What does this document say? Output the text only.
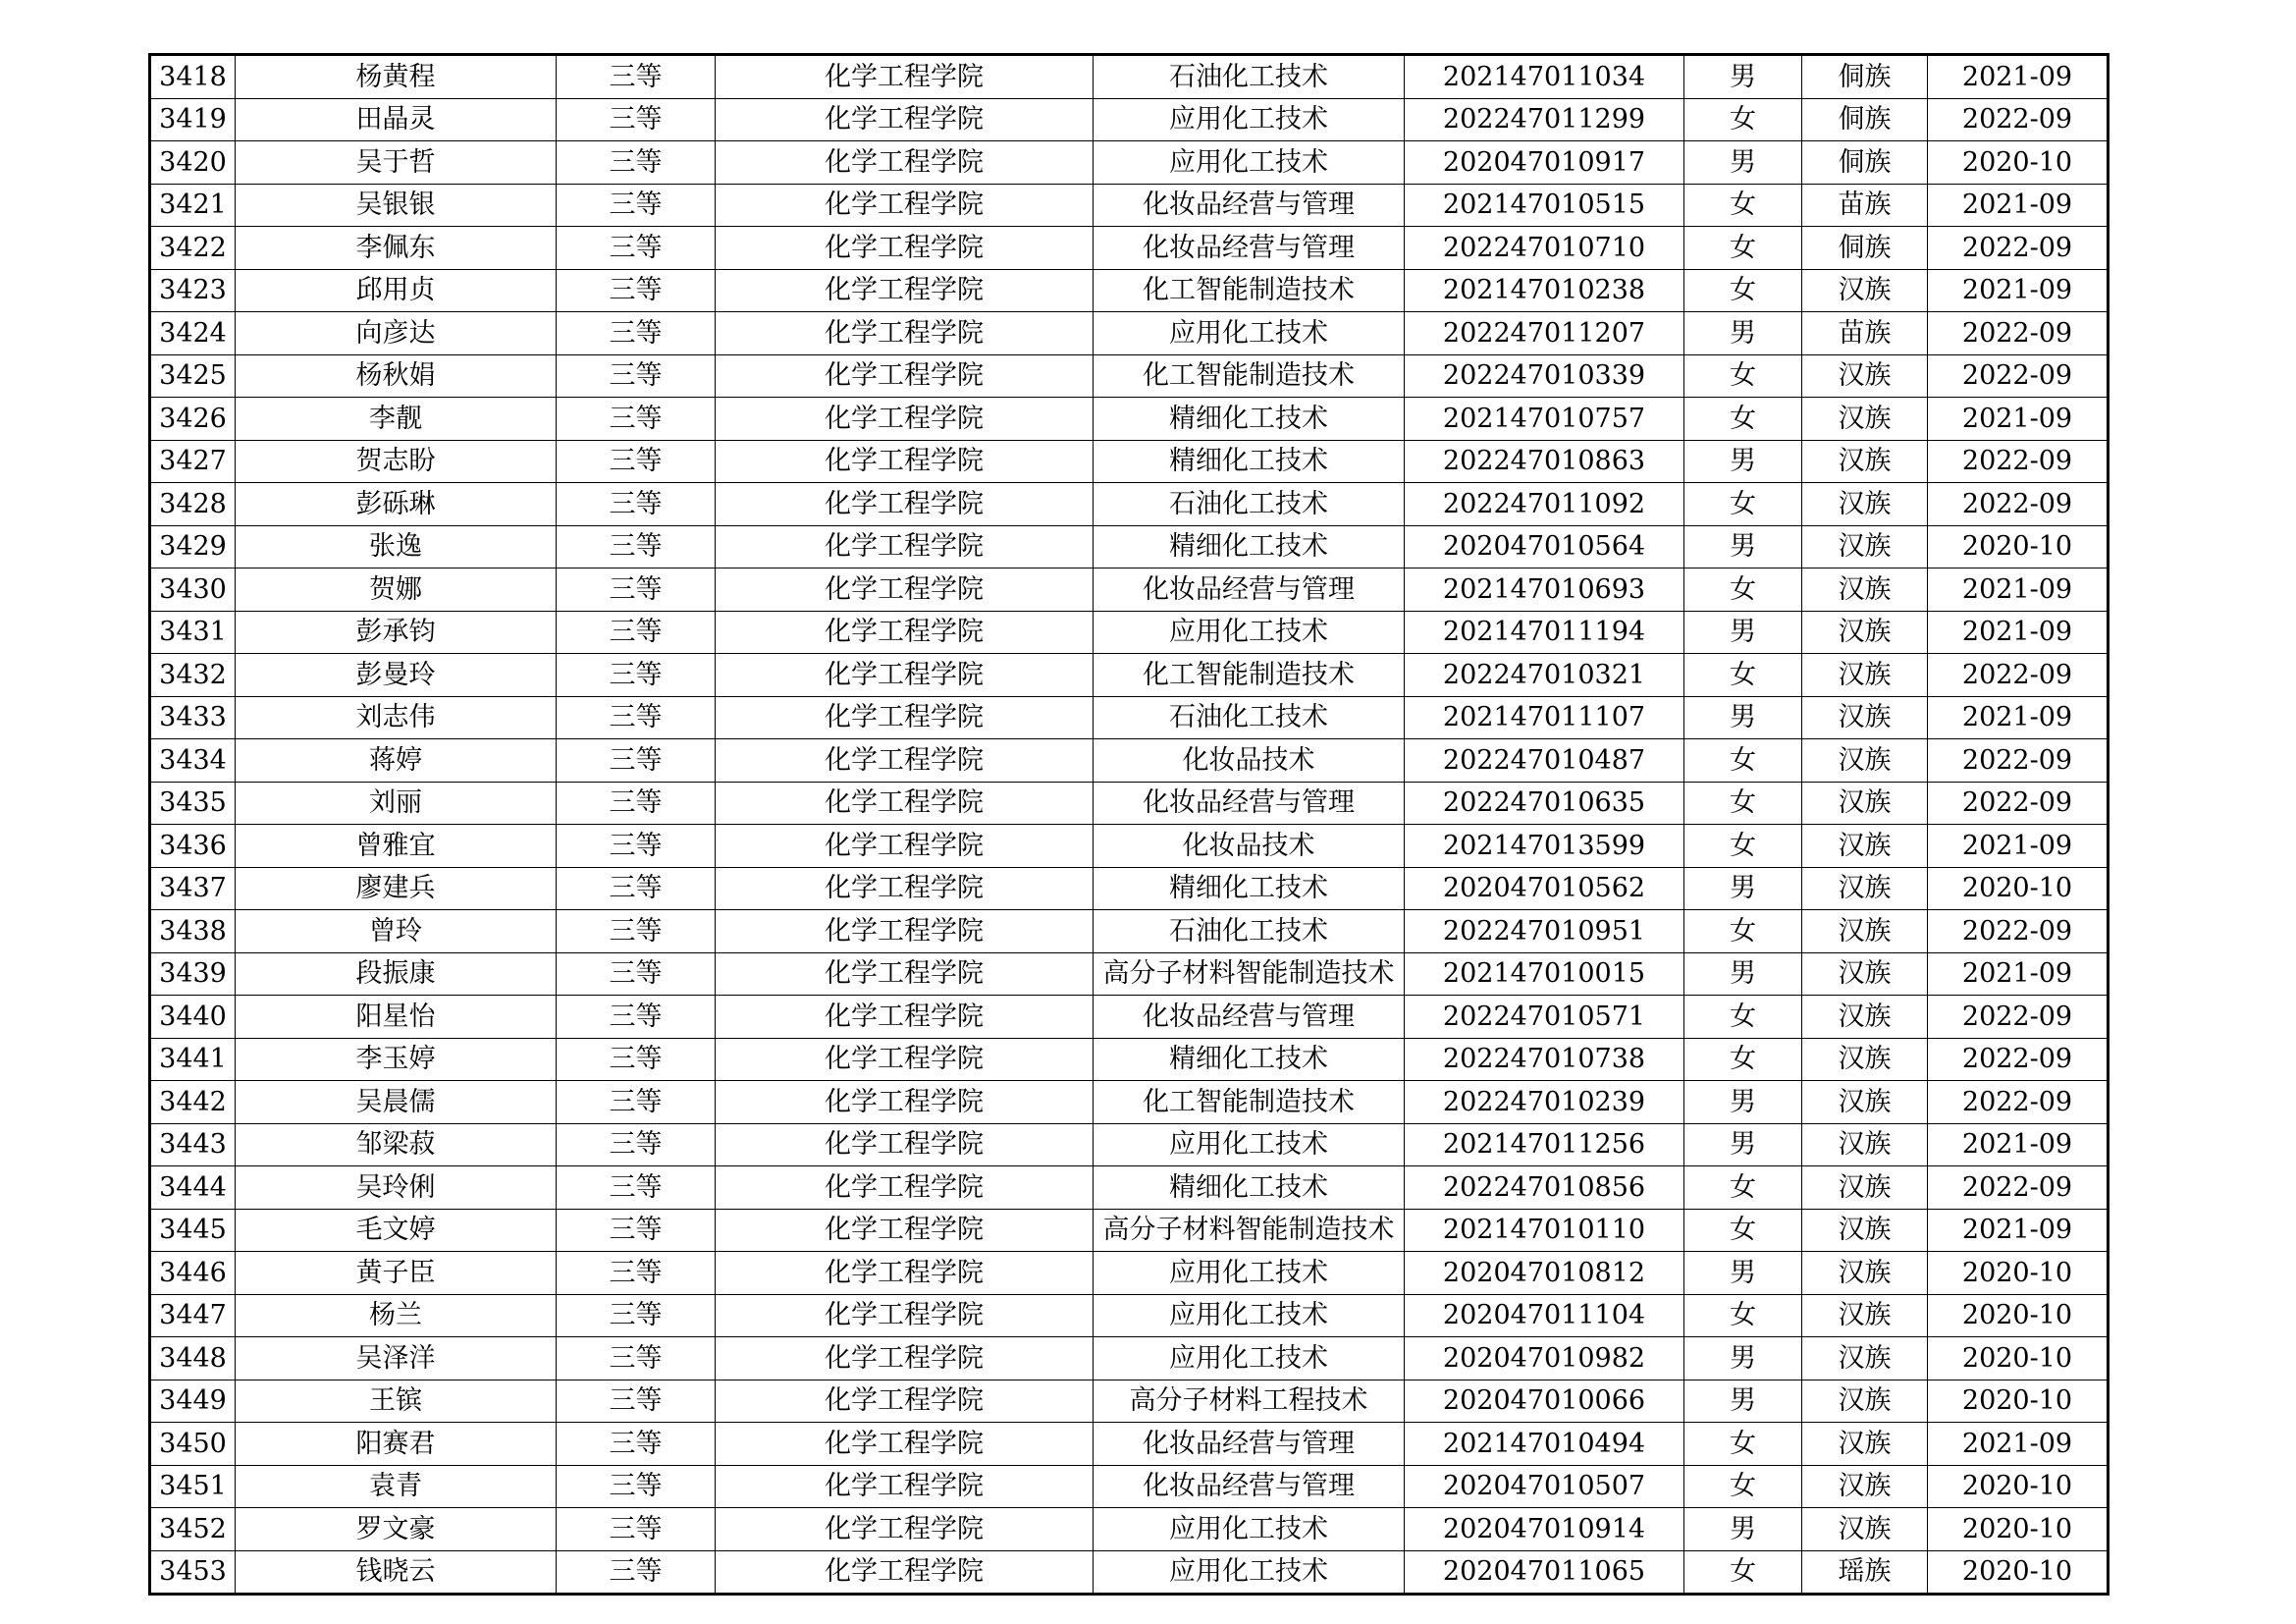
3418	杨黄程	三等	化学工程学院	石油化工技术	202147011034	男	侗族	2021-09
3419	田晶灵	三等	化学工程学院	应用化工技术	202247011299	女	侗族	2022-09
3420	吴于哲	三等	化学工程学院	应用化工技术	202047010917	男	侗族	2020-10
3421	吴银银	三等	化学工程学院	化妆品经营与管理	202147010515	女	苗族	2021-09
3422	李佩东	三等	化学工程学院	化妆品经营与管理	202247010710	女	侗族	2022-09
3423	邱用贞	三等	化学工程学院	化工智能制造技术	202147010238	女	汉族	2021-09
3424	向彦达	三等	化学工程学院	应用化工技术	202247011207	男	苗族	2022-09
3425	杨秋娟	三等	化学工程学院	化工智能制造技术	202247010339	女	汉族	2022-09
3426	李靓	三等	化学工程学院	精细化工技术	202147010757	女	汉族	2021-09
3427	贺志盼	三等	化学工程学院	精细化工技术	202247010863	男	汉族	2022-09
3428	彭砾琳	三等	化学工程学院	石油化工技术	202247011092	女	汉族	2022-09
3429	张逸	三等	化学工程学院	精细化工技术	202047010564	男	汉族	2020-10
3430	贺娜	三等	化学工程学院	化妆品经营与管理	202147010693	女	汉族	2021-09
3431	彭承钧	三等	化学工程学院	应用化工技术	202147011194	男	汉族	2021-09
3432	彭曼玲	三等	化学工程学院	化工智能制造技术	202247010321	女	汉族	2022-09
3433	刘志伟	三等	化学工程学院	石油化工技术	202147011107	男	汉族	2021-09
3434	蒋婷	三等	化学工程学院	化妆品技术	202247010487	女	汉族	2022-09
3435	刘丽	三等	化学工程学院	化妆品经营与管理	202247010635	女	汉族	2022-09
3436	曾雅宜	三等	化学工程学院	化妆品技术	202147013599	女	汉族	2021-09
3437	廖建兵	三等	化学工程学院	精细化工技术	202047010562	男	汉族	2020-10
3438	曾玲	三等	化学工程学院	石油化工技术	202247010951	女	汉族	2022-09
3439	段振康	三等	化学工程学院	高分子材料智能制造技术	202147010015	男	汉族	2021-09
3440	阳星怡	三等	化学工程学院	化妆品经营与管理	202247010571	女	汉族	2022-09
3441	李玉婷	三等	化学工程学院	精细化工技术	202247010738	女	汉族	2022-09
3442	吴晨儒	三等	化学工程学院	化工智能制造技术	202247010239	男	汉族	2022-09
3443	邹梁菽	三等	化学工程学院	应用化工技术	202147011256	男	汉族	2021-09
3444	吴玲俐	三等	化学工程学院	精细化工技术	202247010856	女	汉族	2022-09
3445	毛文婷	三等	化学工程学院	高分子材料智能制造技术	202147010110	女	汉族	2021-09
3446	黄子臣	三等	化学工程学院	应用化工技术	202047010812	男	汉族	2020-10
3447	杨兰	三等	化学工程学院	应用化工技术	202047011104	女	汉族	2020-10
3448	吴泽洋	三等	化学工程学院	应用化工技术	202047010982	男	汉族	2020-10
3449	王镔	三等	化学工程学院	高分子材料工程技术	202047010066	男	汉族	2020-10
3450	阳赛君	三等	化学工程学院	化妆品经营与管理	202147010494	女	汉族	2021-09
3451	袁青	三等	化学工程学院	化妆品经营与管理	202047010507	女	汉族	2020-10
3452	罗文豪	三等	化学工程学院	应用化工技术	202047010914	男	汉族	2020-10
3453	钱晓云	三等	化学工程学院	应用化工技术	202047011065	女	瑶族	2020-10
